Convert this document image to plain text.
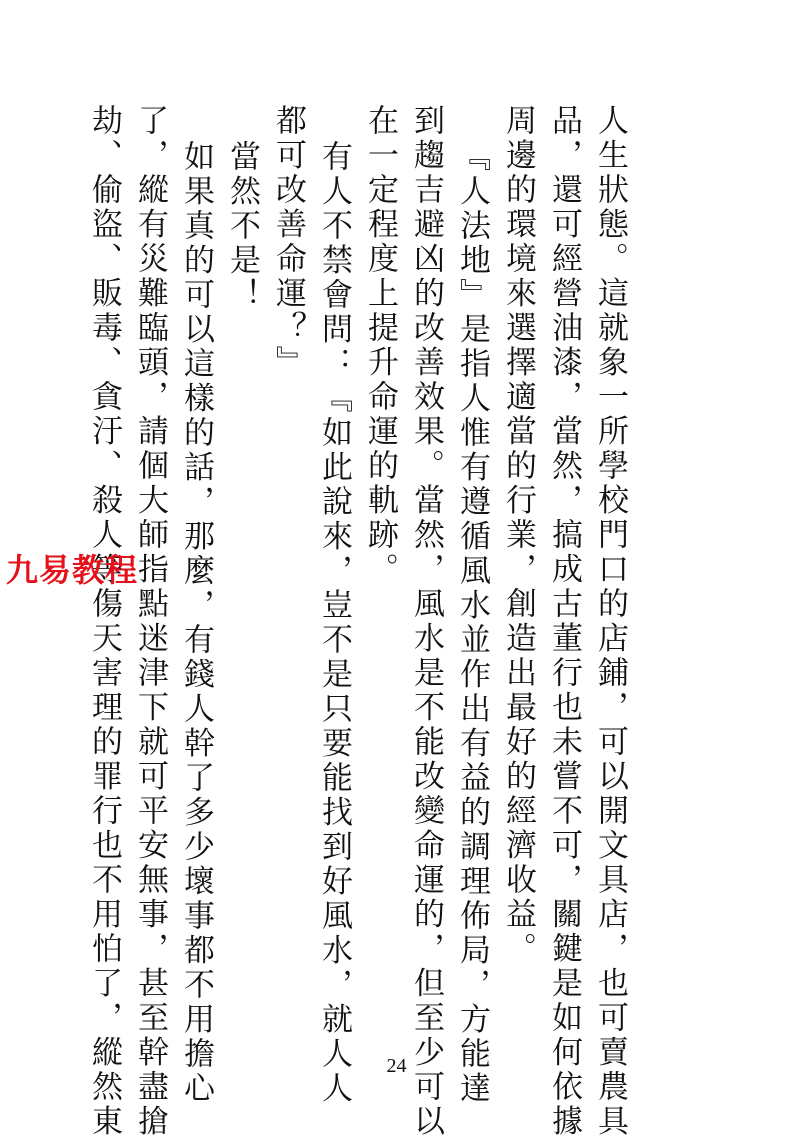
人生狀態。這就象一所學校門口的店鋪，可以開文具店，也可賣農具
品，還可經營油漆，當然，搞成古董行也未嘗不可，關鍵是如何依據
周邊的環境來選擇適當的行業，創造出最好的經濟收益。
『人法地』是指人惟有遵循風水並作出有益的調理佈局，方能達
到趨吉避凶的改善效果。當然，風水是不能改變命運的，但至少可以
在一定程度上提升命運的軌跡。
有人不禁會問：『如此說來，豈不是只要能找到好風水，就人人
都可改善命運？』
當然不是！
如果真的可以這樣的話，那麼，有錢人幹了多少壞事都不用擔心
了，縱有災難臨頭，請個大師指點迷津下就可平安無事，甚至幹盡搶
劫、偷盜、販毒、貪汙、殺人等傷天害理的罪行也不用怕了，縱然東
九易教程
24
